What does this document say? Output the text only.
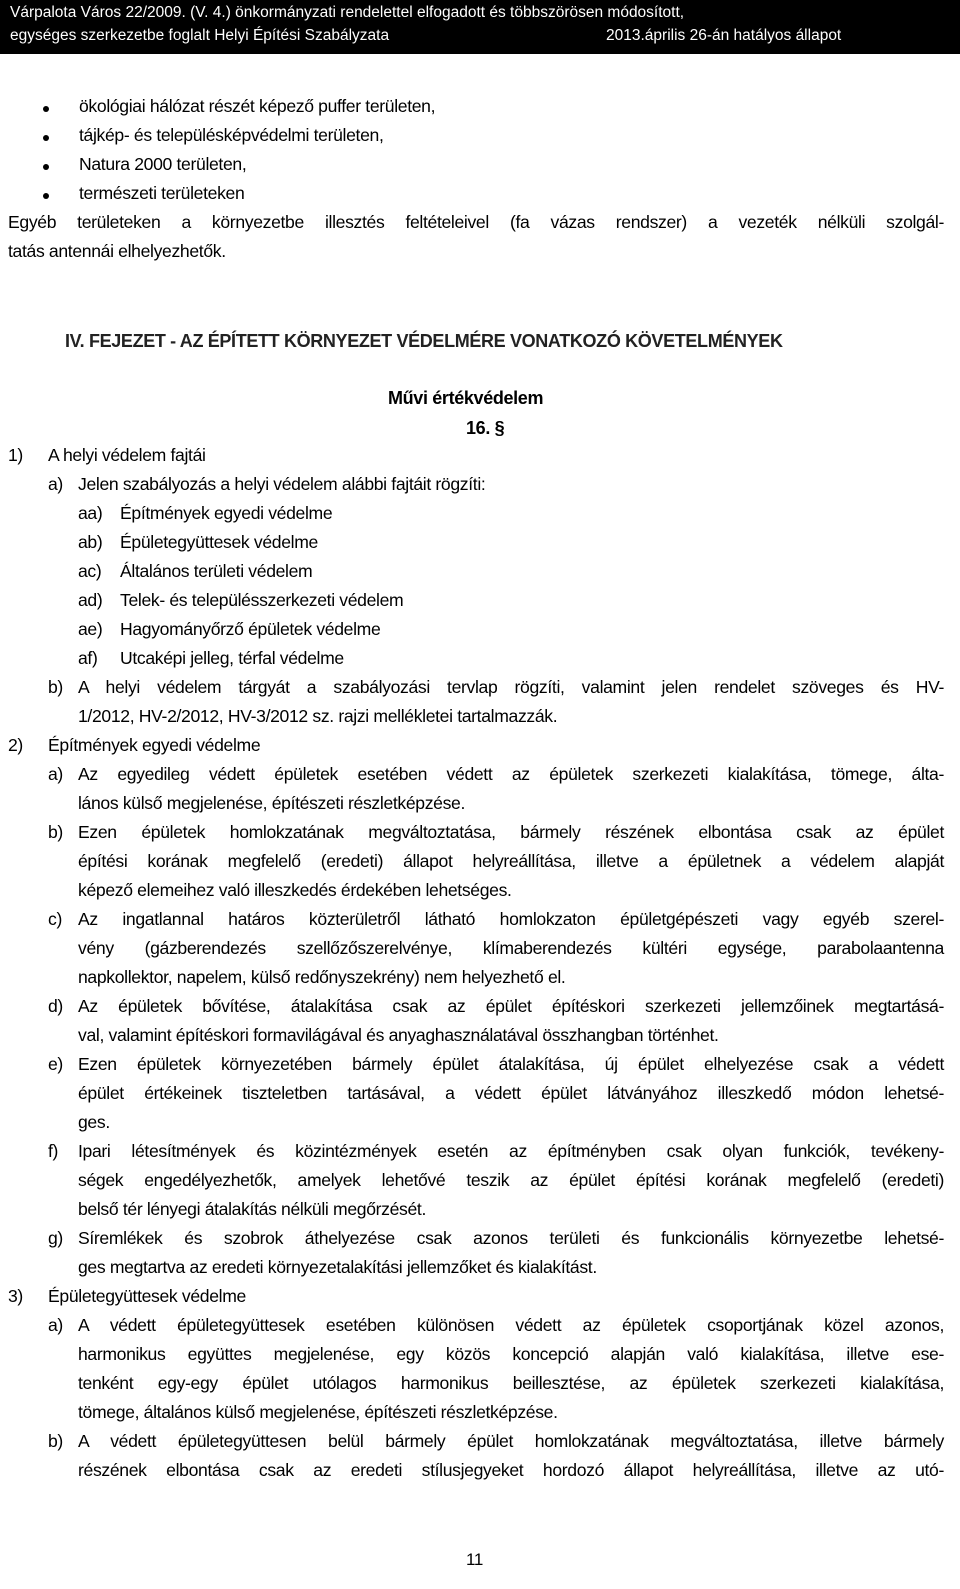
Várpalota Város 22/2009. (V. 4.) önkormányzati rendelettel elfogadott és többszörösen módosított,
egységes szerkezetbe foglalt Helyi Építési Szabályzata	2013.április 26-án hatályos állapot
ökológiai hálózat részét képező puffer területen,
tájkép- és településképvédelmi területen,
Natura 2000 területen,
természeti területeken
Egyéb területeken a környezetbe illesztés feltételeivel (fa vázas rendszer) a vezeték nélküli szolgál-
tatás antennái elhelyezhetők.
IV. FEJEZET - AZ ÉPÍTETT KÖRNYEZET VÉDELMÉRE VONATKOZÓ KÖVETELMÉNYEK
Művi értékvédelem
16. §
1) A helyi védelem fajtái
a) Jelen szabályozás a helyi védelem alábbi fajtáit rögzíti:
aa) Építmények egyedi védelme
ab) Épületegyüttesek védelme
ac) Általános területi védelem
ad) Telek- és településszerkezeti védelem
ae) Hagyományőrző épületek védelme
af) Utcaképi jelleg, térfal védelme
b) A helyi védelem tárgyát a szabályozási tervlap rögzíti, valamint jelen rendelet szöveges és HV-
1/2012, HV-2/2012, HV-3/2012 sz. rajzi mellékletei tartalmazzák.
2) Építmények egyedi védelme
a) Az egyedileg védett épületek esetében védett az épületek szerkezeti kialakítása, tömege, álta-
lános külső megjelenése, építészeti részletképzése.
b) Ezen épületek homlokzatának megváltoztatása, bármely részének elbontása csak az épület
építési korának megfelelő (eredeti) állapot helyreállítása, illetve a épületnek a védelem alapját
képező elemeihez való illeszkedés érdekében lehetséges.
c) Az ingatlannal határos közterületről látható homlokzaton épületgépészeti vagy egyéb szerel-
vény (gázberendezés szellőzőszerelvénye, klímaberendezés kültéri egysége, parabolaantenna
napkollektor, napelem, külső redőnyszekrény) nem helyezhető el.
d) Az épületek bővítése, átalakítása csak az épület építéskori szerkezeti jellemzőinek megtartásá-
val, valamint építéskori formavilágával és anyaghasználatával összhangban történhet.
e) Ezen épületek környezetében bármely épület átalakítása, új épület elhelyezése csak a védett
épület értékeinek tiszteletben tartásával, a védett épület látványához illeszkedő módon lehetsé-
ges.
f) Ipari létesítmények és közintézmények esetén az építményben csak olyan funkciók, tevékeny-
ségek engedélyezhetők, amelyek lehetővé teszik az épület építési korának megfelelő (eredeti)
belső tér lényegi átalakítás nélküli megőrzését.
g) Síremlékek és szobrok áthelyezése csak azonos területi és funkcionális környezetbe lehetsé-
ges megtartva az eredeti környezetalakítási jellemzőket és kialakítást.
3) Épületegyüttesek védelme
a) A védett épületegyüttesek esetében különösen védett az épületek csoportjának közel azonos,
harmonikus együttes megjelenése, egy közös koncepció alapján való kialakítása, illetve ese-
tenként egy-egy épület utólagos harmonikus beillesztése, az épületek szerkezeti kialakítása,
tömege, általános külső megjelenése, építészeti részletképzése.
b) A védett épületegyüttesen belül bármely épület homlokzatának megváltoztatása, illetve bármely
részének elbontása csak az eredeti stílusjegyeket hordozó állapot helyreállítása, illetve az utó-
11
